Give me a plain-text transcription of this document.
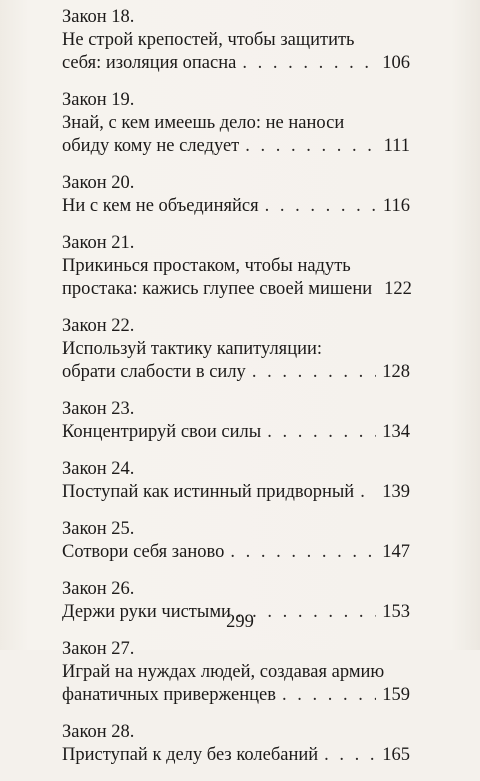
Закон 18.
Не строй крепостей, чтобы защитить
себя: изоляция опасна . . .	106
Закон 19.
Знай, с кем имеешь дело: не наноси
обиду кому не следует . . .	111
Закон 20.
Ни с кем не объединяйся . . .	116
Закон 21.
Прикинься простаком, чтобы надуть
простака: кажись глупее своей мишени 122
Закон 22.
Используй тактику капитуляции:
обрати слабости в силу . . .	128
Закон 23.
Концентрируй свои силы . . .	134
Закон 24.
Поступай как истинный придворный . . . 139
Закон 25.
Сотвори себя заново . . .	147
Закон 26.
Держи руки чистыми . . .	153
Закон 27.
Играй на нуждах людей, создавая армию
фанатичных приверженцев . . .	159
Закон 28.
Приступай к делу без колебаний . . .	165
299
